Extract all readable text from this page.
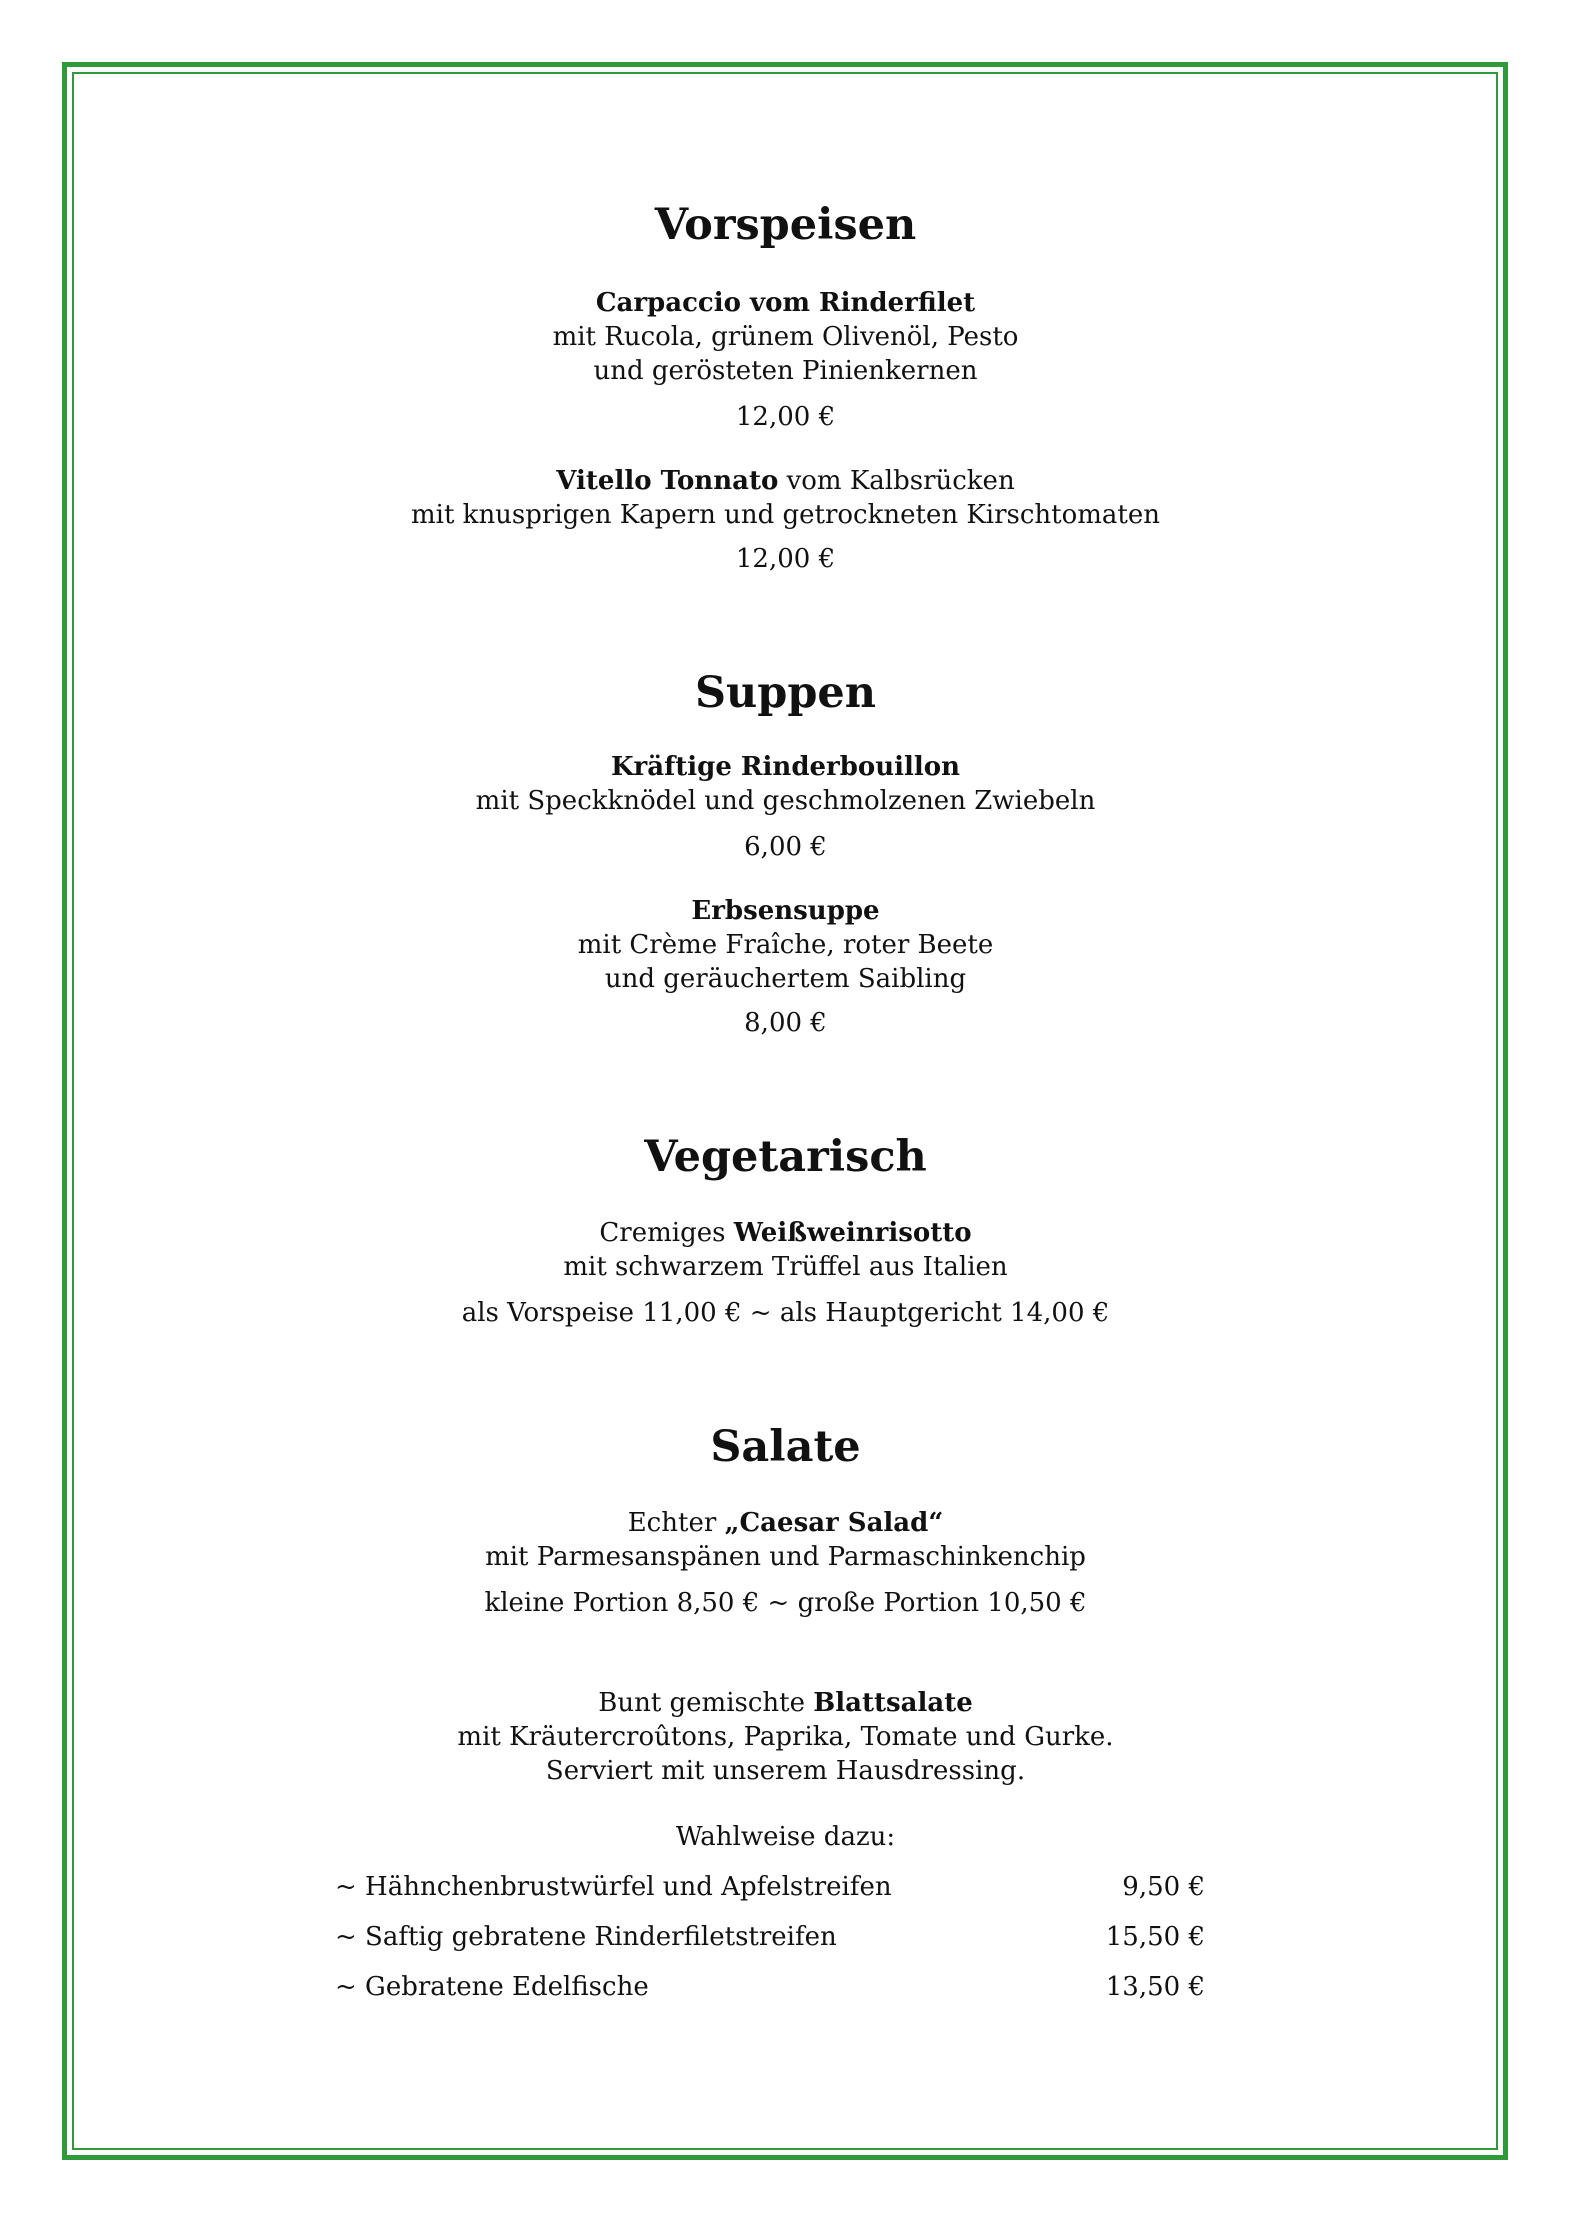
Vorspeisen
Carpaccio vom Rinderfilet
mit Rucola, grünem Olivenöl, Pesto
und gerösteten Pinienkernen
12,00 €
Vitello Tonnato vom Kalbsrücken
mit knusprigen Kapern und getrockneten Kirschtomaten
12,00 €
Suppen
Kräftige Rinderbouillon
mit Speckknödel und geschmolzenen Zwiebeln
6,00 €
Erbsensuppe
mit Crème Fraîche, roter Beete
und geräuchertem Saibling
8,00 €
Vegetarisch
Cremiges Weißweinrisotto
mit schwarzem Trüffel aus Italien
als Vorspeise 11,00 € ~ als Hauptgericht 14,00 €
Salate
Echter „Caesar Salad“
mit Parmesanspänen und Parmaschinkenchip
kleine Portion 8,50 € ~ große Portion 10,50 €
Bunt gemischte Blattsalate
mit Kräutercroûtons, Paprika, Tomate und Gurke.
Serviert mit unserem Hausdressing.
Wahlweise dazu:
~ Hähnchenbrustwürfel und Apfelstreifen	9,50 €
~ Saftig gebratene Rinderfiletstreifen	15,50 €
~ Gebratene Edelfische	13,50 €
